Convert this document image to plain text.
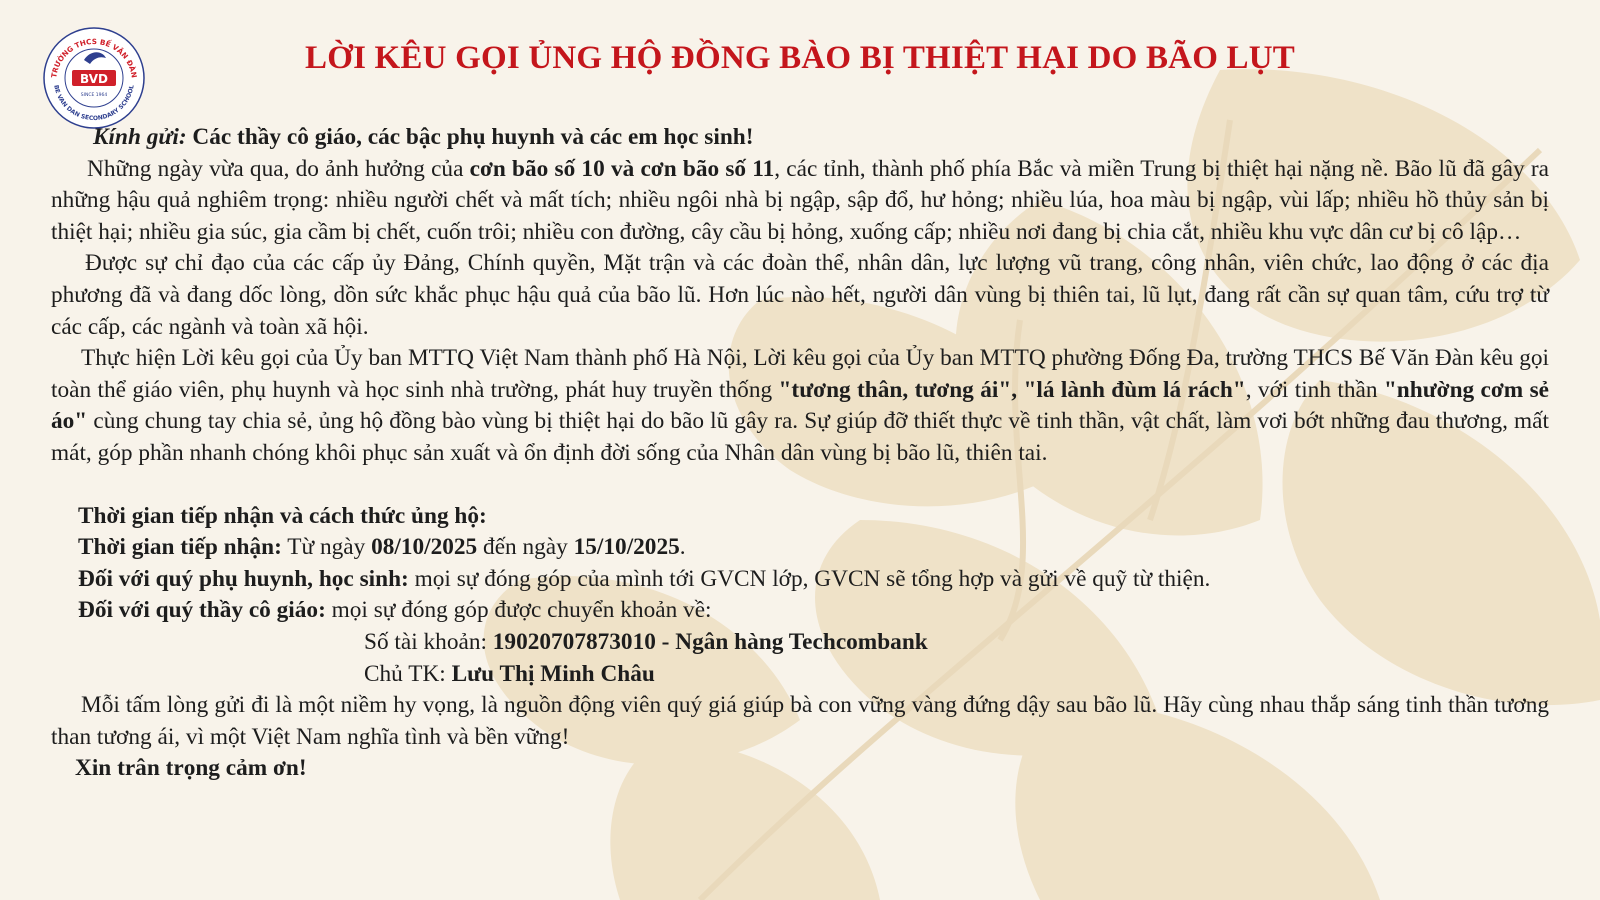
TRƯỜNG THCS BẾ VĂN ĐÀN
BE VAN DAN SECONDARY SCHOOL
BVD
SINCE 1964
LỜI KÊU GỌI ỦNG HỘ ĐỒNG BÀO BỊ THIỆT HẠI DO BÃO LỤT

Kính gửi: Các thầy cô giáo, các bậc phụ huynh và các em học sinh!

Những ngày vừa qua, do ảnh hưởng của cơn bão số 10 và cơn bão số 11, các tỉnh, thành phố phía Bắc và miền Trung bị thiệt hại nặng nề. Bão lũ đã gây ra những hậu quả nghiêm trọng: nhiều người chết và mất tích; nhiều ngôi nhà bị ngập, sập đổ, hư hỏng; nhiều lúa, hoa màu bị ngập, vùi lấp; nhiều hồ thủy sản bị thiệt hại; nhiều gia súc, gia cầm bị chết, cuốn trôi; nhiều con đường, cây cầu bị hỏng, xuống cấp; nhiều nơi đang bị chia cắt, nhiều khu vực dân cư bị cô lập…

Được sự chỉ đạo của các cấp ủy Đảng, Chính quyền, Mặt trận và các đoàn thể, nhân dân, lực lượng vũ trang, công nhân, viên chức, lao động ở các địa phương đã và đang dốc lòng, dồn sức khắc phục hậu quả của bão lũ. Hơn lúc nào hết, người dân vùng bị thiên tai, lũ lụt, đang rất cần sự quan tâm, cứu trợ từ các cấp, các ngành và toàn xã hội.

Thực hiện Lời kêu gọi của Ủy ban MTTQ Việt Nam thành phố Hà Nội, Lời kêu gọi của Ủy ban MTTQ phường Đống Đa, trường THCS Bế Văn Đàn kêu gọi toàn thể giáo viên, phụ huynh và học sinh nhà trường, phát huy truyền thống "tương thân, tương ái", "lá lành đùm lá rách", với tinh thần "nhường cơm sẻ áo" cùng chung tay chia sẻ, ủng hộ đồng bào vùng bị thiệt hại do bão lũ gây ra. Sự giúp đỡ thiết thực về tinh thần, vật chất, làm vơi bớt những đau thương, mất mát, góp phần nhanh chóng khôi phục sản xuất và ổn định đời sống của Nhân dân vùng bị bão lũ, thiên tai.

Thời gian tiếp nhận và cách thức ủng hộ:

Thời gian tiếp nhận: Từ ngày 08/10/2025 đến ngày 15/10/2025.

Đối với quý phụ huynh, học sinh: mọi sự đóng góp của mình tới GVCN lớp, GVCN sẽ tổng hợp và gửi về quỹ từ thiện.

Đối với quý thầy cô giáo: mọi sự đóng góp được chuyển khoản về:

Số tài khoản: 19020707873010 - Ngân hàng Techcombank

Chủ TK: Lưu Thị Minh Châu

Mỗi tấm lòng gửi đi là một niềm hy vọng, là nguồn động viên quý giá giúp bà con vững vàng đứng dậy sau bão lũ. Hãy cùng nhau thắp sáng tinh thần tương than tương ái, vì một Việt Nam nghĩa tình và bền vững!

Xin trân trọng cảm ơn!
